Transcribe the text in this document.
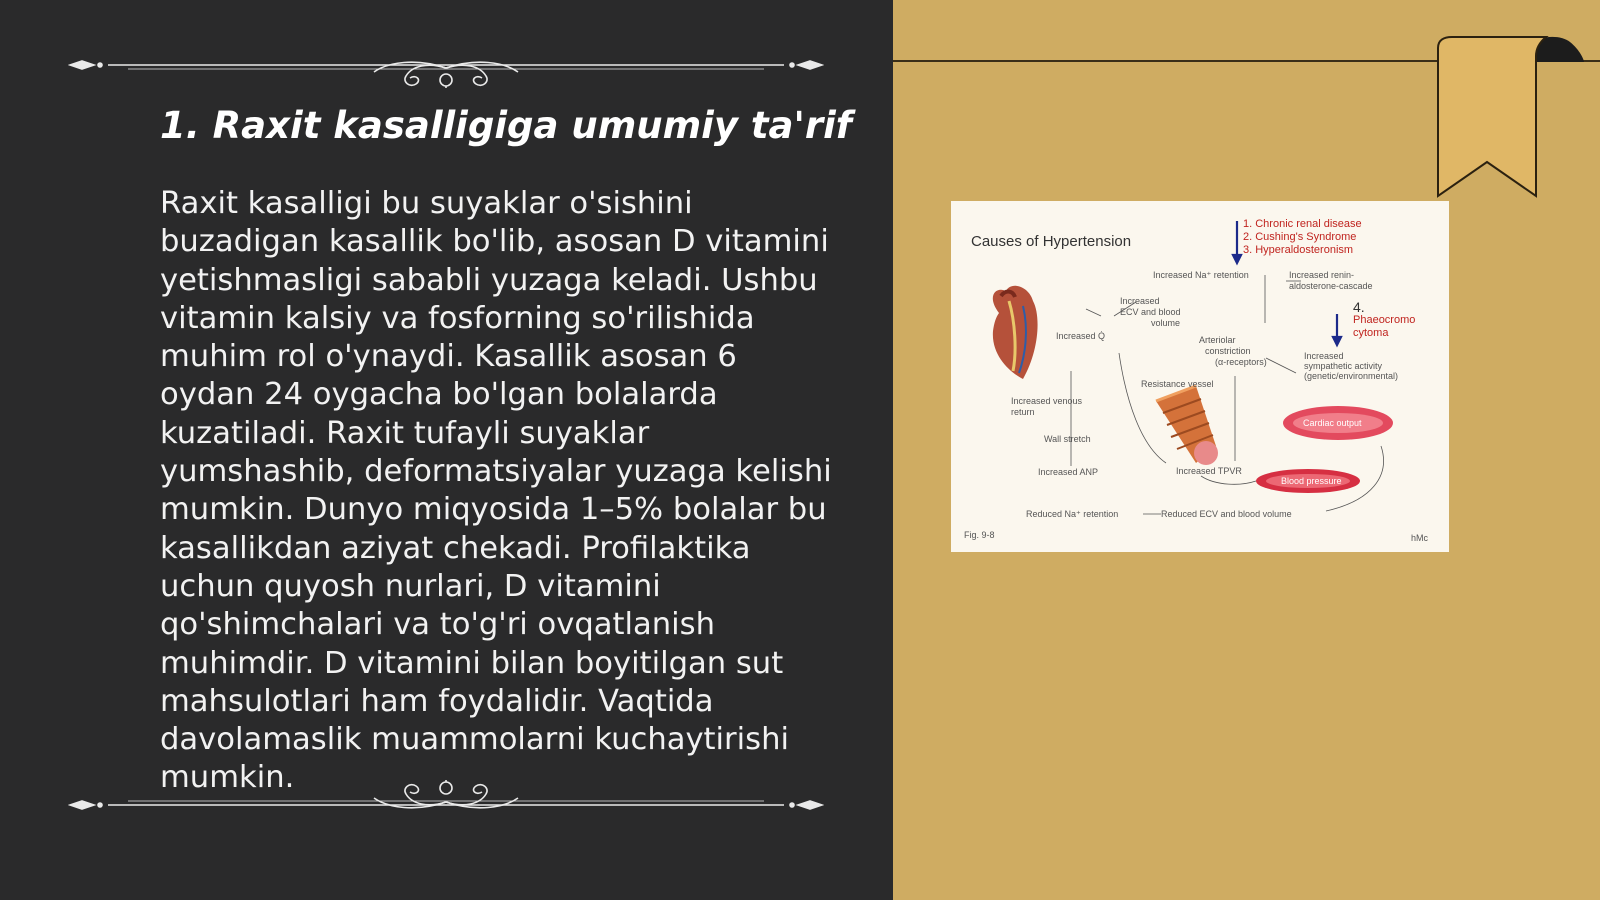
1. Raxit kasalligiga umumiy ta'rif

Raxit kasalligi bu suyaklar o'sishini buzadigan kasallik bo'lib, asosan D vitamini yetishmasligi sababli yuzaga keladi. Ushbu vitamin kalsiy va fosforning so'rilishida muhim rol o'ynaydi. Kasallik asosan 6 oydan 24 oygacha bo'lgan bolalarda kuzatiladi. Raxit tufayli suyaklar yumshashib, deformatsiyalar yuzaga kelishi mumkin. Dunyo miqyosida 1–5% bolalar bu kasallikdan aziyat chekadi. Profilaktika uchun quyosh nurlari, D vitamini qo'shimchalari va to'g'ri ovqatlanish muhimdir. D vitamini bilan boyitilgan sut mahsulotlari ham foydalidir. Vaqtida davolamaslik muammolarni kuchaytirishi mumkin.

Causes of Hypertension
1. Chronic renal disease
2. Cushing's Syndrome
3. Hyperaldosteronism
4.
Phaeocromo
cytoma
Increased Na⁺ retention	Increased renin-
aldosterone-cascade
Increased
ECV and blood
volume
Increased Q̇	Arteriolar
constriction
(α-receptors)
Increased
sympathetic activity
(genetic/environmental)
Resistance vessel
Increased venous
return
Wall stretch
Increased ANP	Increased TPVR
Cardiac output
Blood pressure
Reduced Na⁺ retention	Reduced ECV and blood volume
Fig. 9-8	hMc
